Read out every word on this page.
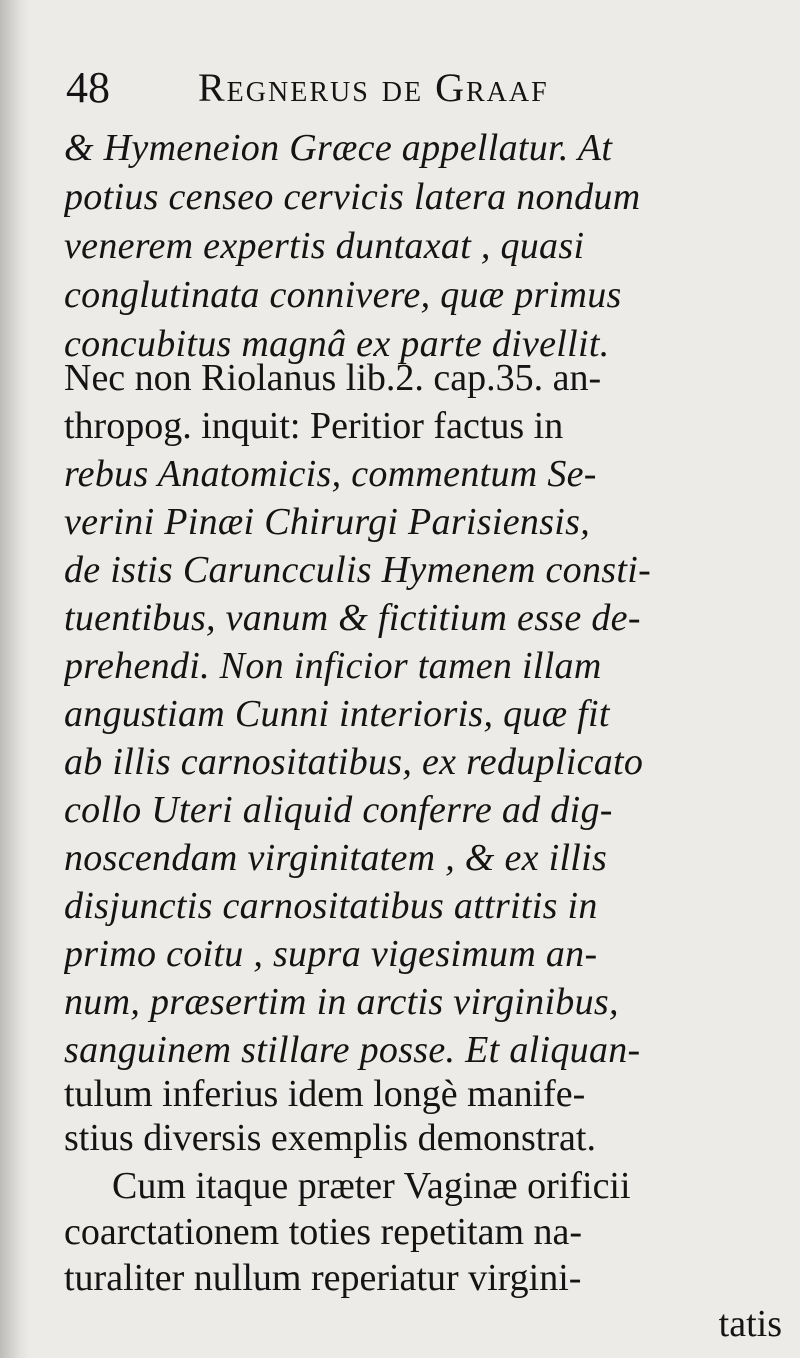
48 Regnerus de Graaf
& Hymeneion Græce appellatur. At
potius censeo cervicis latera nondum
venerem expertis duntaxat , quasi
conglutinata connivere, quæ primus
concubitus magnâ ex parte divellit.
Nec non Riolanus lib.2. cap.35. an-
thropog. inquit: Peritior factus in
rebus Anatomicis, commentum Se-
verini Pinæi Chirurgi Parisiensis,
de istis Caruncculis Hymenem consti-
tuentibus, vanum & fictitium esse de-
prehendi. Non inficior tamen illam
angustiam Cunni interioris, quæ fit
ab illis carnositatibus, ex reduplicato
collo Uteri aliquid conferre ad dig-
noscendam virginitatem , & ex illis
disjunctis carnositatibus attritis in
primo coitu , supra vigesimum an-
num, præsertim in arctis virginibus,
sanguinem stillare posse. Et aliquan-
tulum inferius idem longè manife-
stius diversis exemplis demonstrat.
Cum itaque præter Vaginæ orificii
coarctationem toties repetitam na-
turaliter nullum reperiatur virgini-
tatis
